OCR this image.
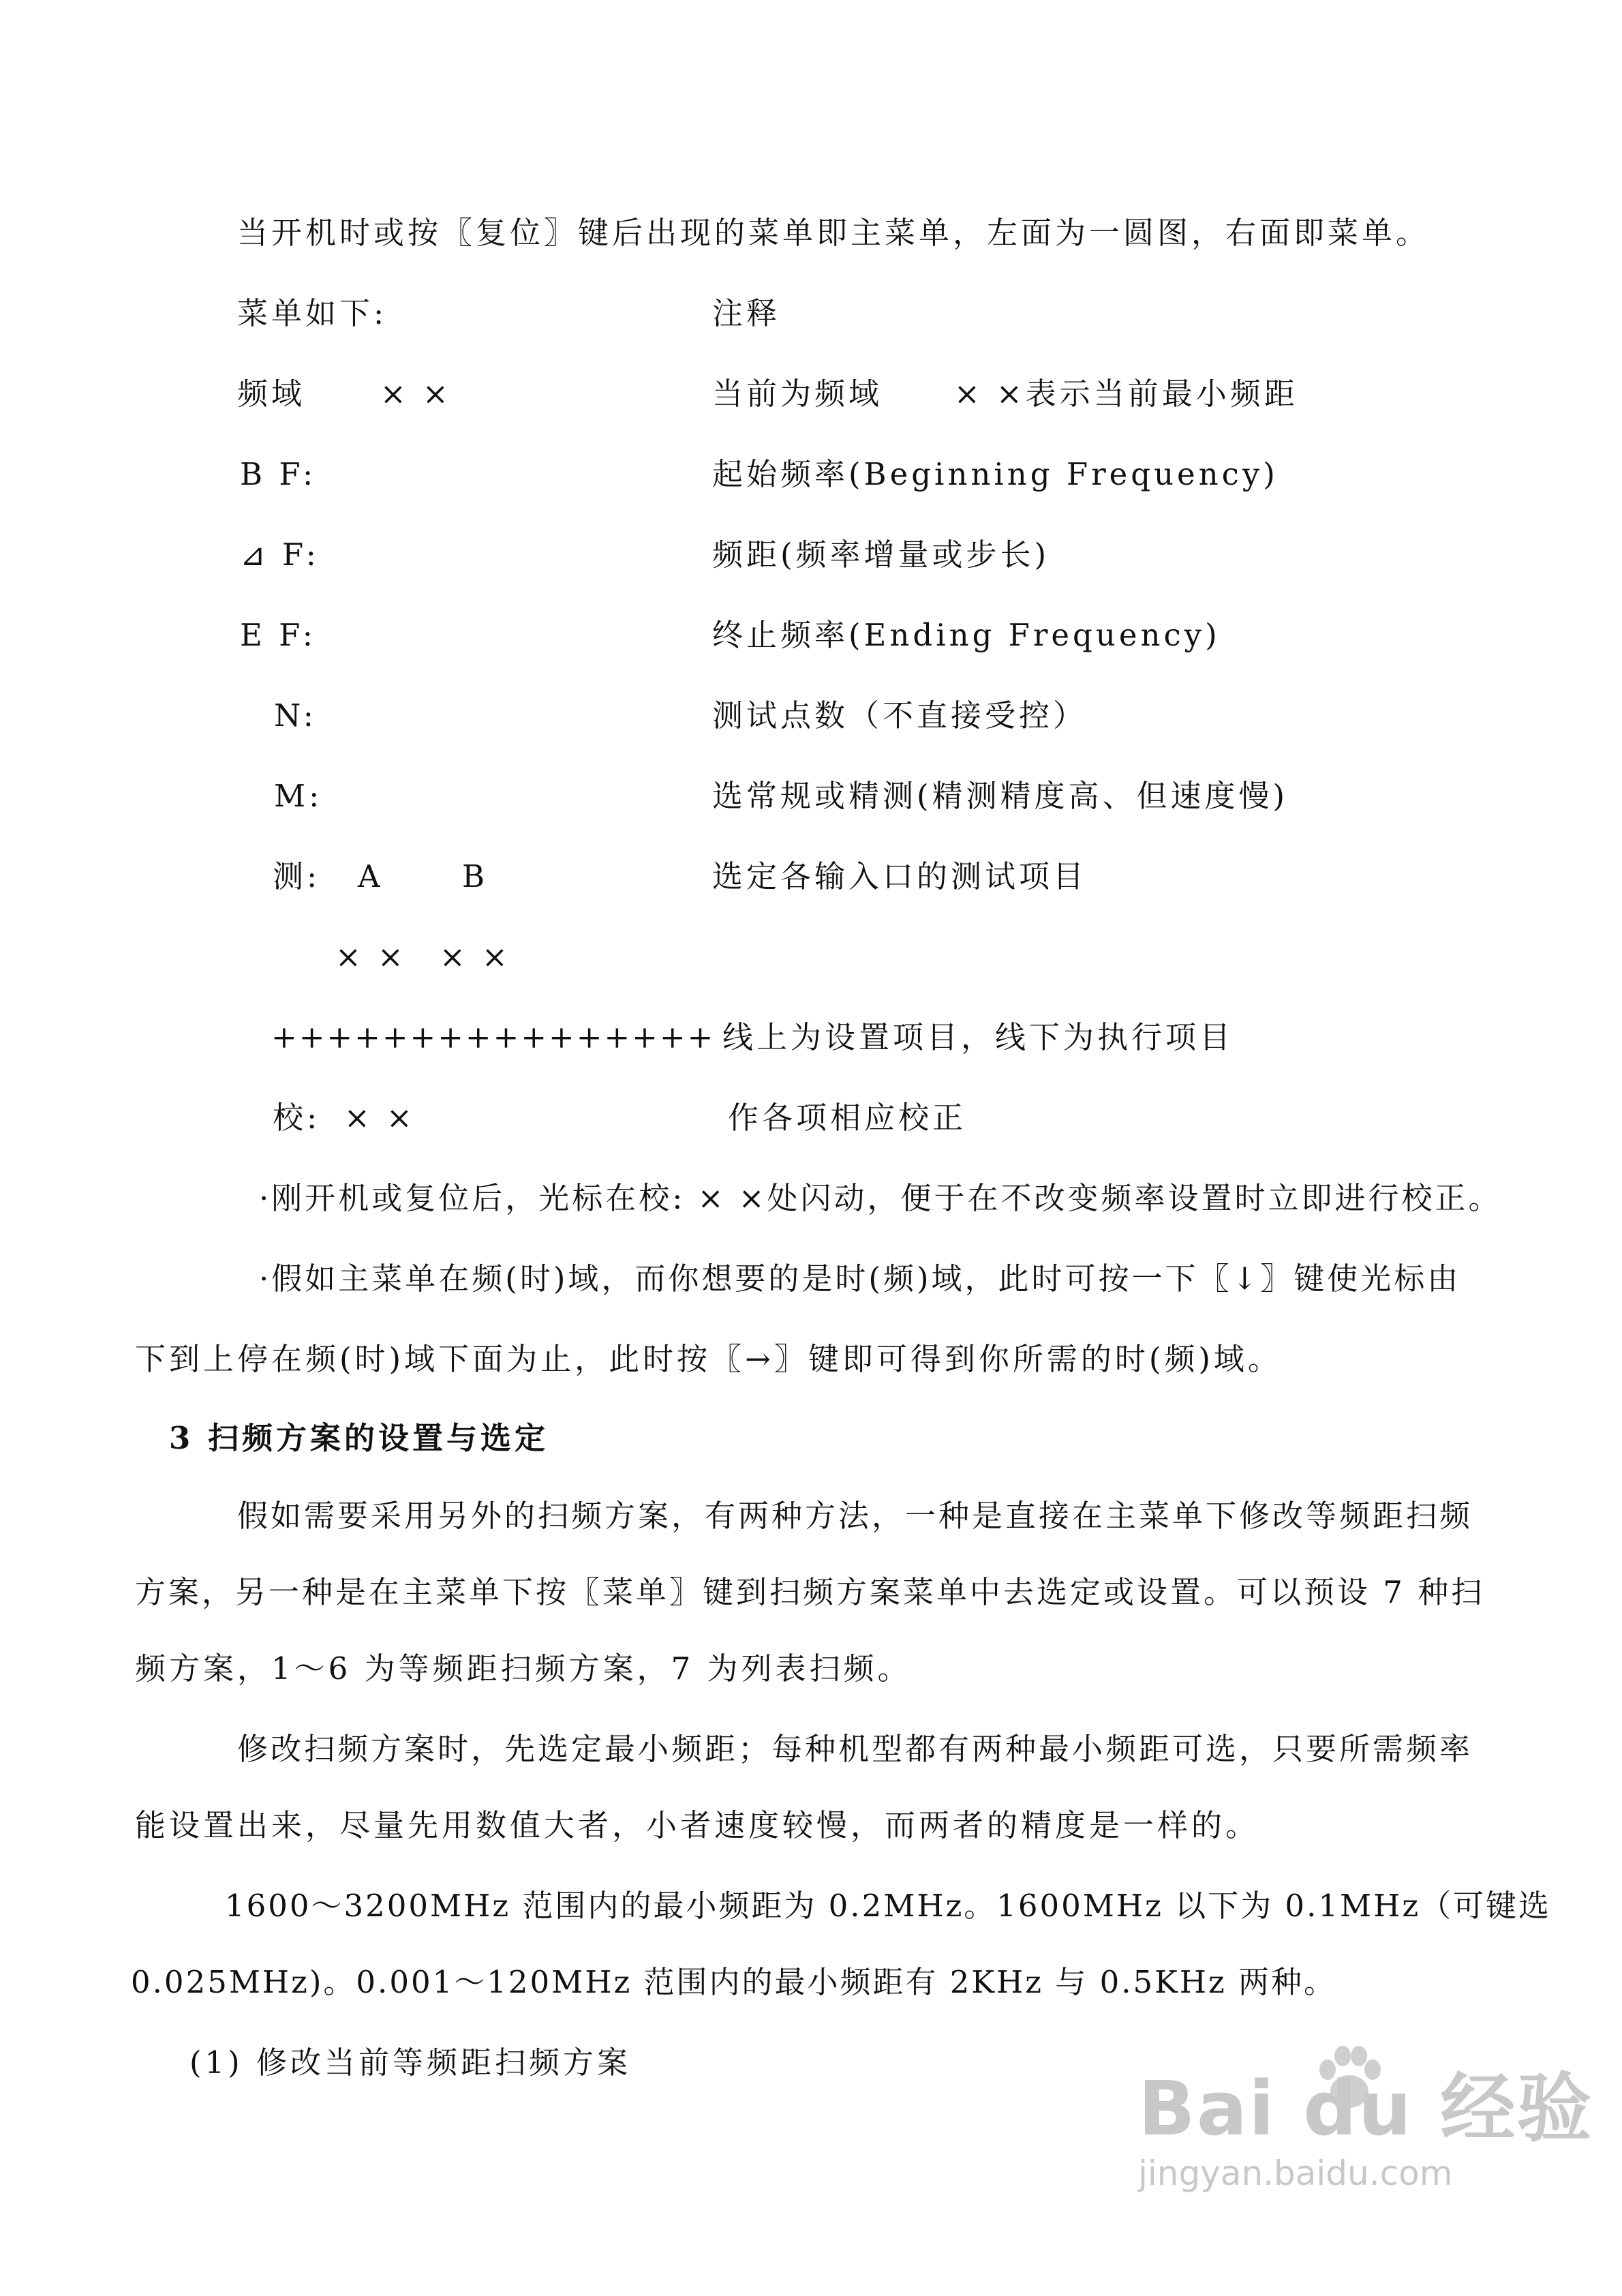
当开机时或按〖复位〗键后出现的菜单即主菜单，左面为一圆图，右面即菜单。
菜单如下:	注释
频域 × ×	当前为频域 × ×表示当前最小频距
B F:	起始频率(Beginning Frequency)
⊿ F:	频距(频率增量或步长)
E F:	终止频率(Ending Frequency)
N:	测试点数（不直接受控）
M:	选常规或精测(精测精度高、但速度慢)
测: A	B	选定各输入口的测试项目
× × × ×
++++++++++++++++ 线上为设置项目，线下为执行项目
校: × ×	作各项相应校正
·刚开机或复位后，光标在校: × ×处闪动，便于在不改变频率设置时立即进行校正。
·假如主菜单在频(时)域，而你想要的是时(频)域，此时可按一下〖↓〗键使光标由
下到上停在频(时)域下面为止，此时按〖→〗键即可得到你所需的时(频)域。
3 扫频方案的设置与选定
假如需要采用另外的扫频方案，有两种方法，一种是直接在主菜单下修改等频距扫频
方案，另一种是在主菜单下按〖菜单〗键到扫频方案菜单中去选定或设置。可以预设 7 种扫
频方案，1～6 为等频距扫频方案，7 为列表扫频。
修改扫频方案时，先选定最小频距；每种机型都有两种最小频距可选，只要所需频率
能设置出来，尽量先用数值大者，小者速度较慢，而两者的精度是一样的。
1600～3200MHz 范围内的最小频距为 0.2MHz。1600MHz 以下为 0.1MHz（可键选
0.025MHz)。0.001～120MHz 范围内的最小频距有 2KHz 与 0.5KHz 两种。
(1) 修改当前等频距扫频方案
Bai du 经验
jingyan.baidu.com
